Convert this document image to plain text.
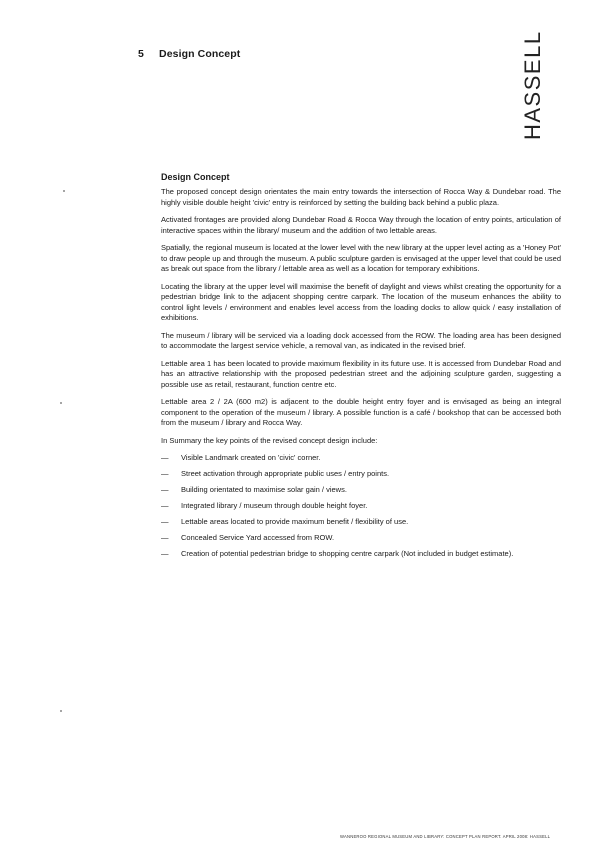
5 Design Concept	HASSELL
Design Concept

The proposed concept design orientates the main entry towards the intersection of Rocca Way & Dundebar road. The highly visible double height 'civic' entry is reinforced by setting the building back behind a public plaza.

Activated frontages are provided along Dundebar Road & Rocca Way through the location of entry points, articulation of interactive spaces within the library/ museum and the addition of two lettable areas.

Spatially, the regional museum is located at the lower level with the new library at the upper level acting as a 'Honey Pot' to draw people up and through the museum. A public sculpture garden is envisaged at the upper level that could be used as break out space from the library / lettable area as well as a location for temporary exhibitions.

Locating the library at the upper level will maximise the benefit of daylight and views whilst creating the opportunity for a pedestrian bridge link to the adjacent shopping centre carpark. The location of the museum enhances the ability to control light levels / environment and enables level access from the loading docks to allow quick / easy installation of exhibitions.

The museum / library will be serviced via a loading dock accessed from the ROW. The loading area has been designed to accommodate the largest service vehicle, a removal van, as indicated in the revised brief.

Lettable area 1 has been located to provide maximum flexibility in its future use. It is accessed from Dundebar Road and has an attractive relationship with the proposed pedestrian street and the adjoining sculpture garden, suggesting a possible use as retail, restaurant, function centre etc.

Lettable area 2 / 2A (600 m2) is adjacent to the double height entry foyer and is envisaged as being an integral component to the operation of the museum / library. A possible function is a café / bookshop that can be accessed both from the museum / library and Rocca Way.

In Summary the key points of the revised concept design include:

—	Visible Landmark created on 'civic' corner.
—	Street activation through appropriate public uses / entry points.
—	Building orientated to maximise solar gain / views.
—	Integrated library / museum through double height foyer.
—	Lettable areas located to provide maximum benefit / flexibility of use.
—	Concealed Service Yard accessed from ROW.
—	Creation of potential pedestrian bridge to shopping centre carpark (Not included in budget estimate).
WANNEROO REGIONAL MUSEUM AND LIBRARY: CONCEPT PLAN REPORT. APRIL 2008: HASSELL
